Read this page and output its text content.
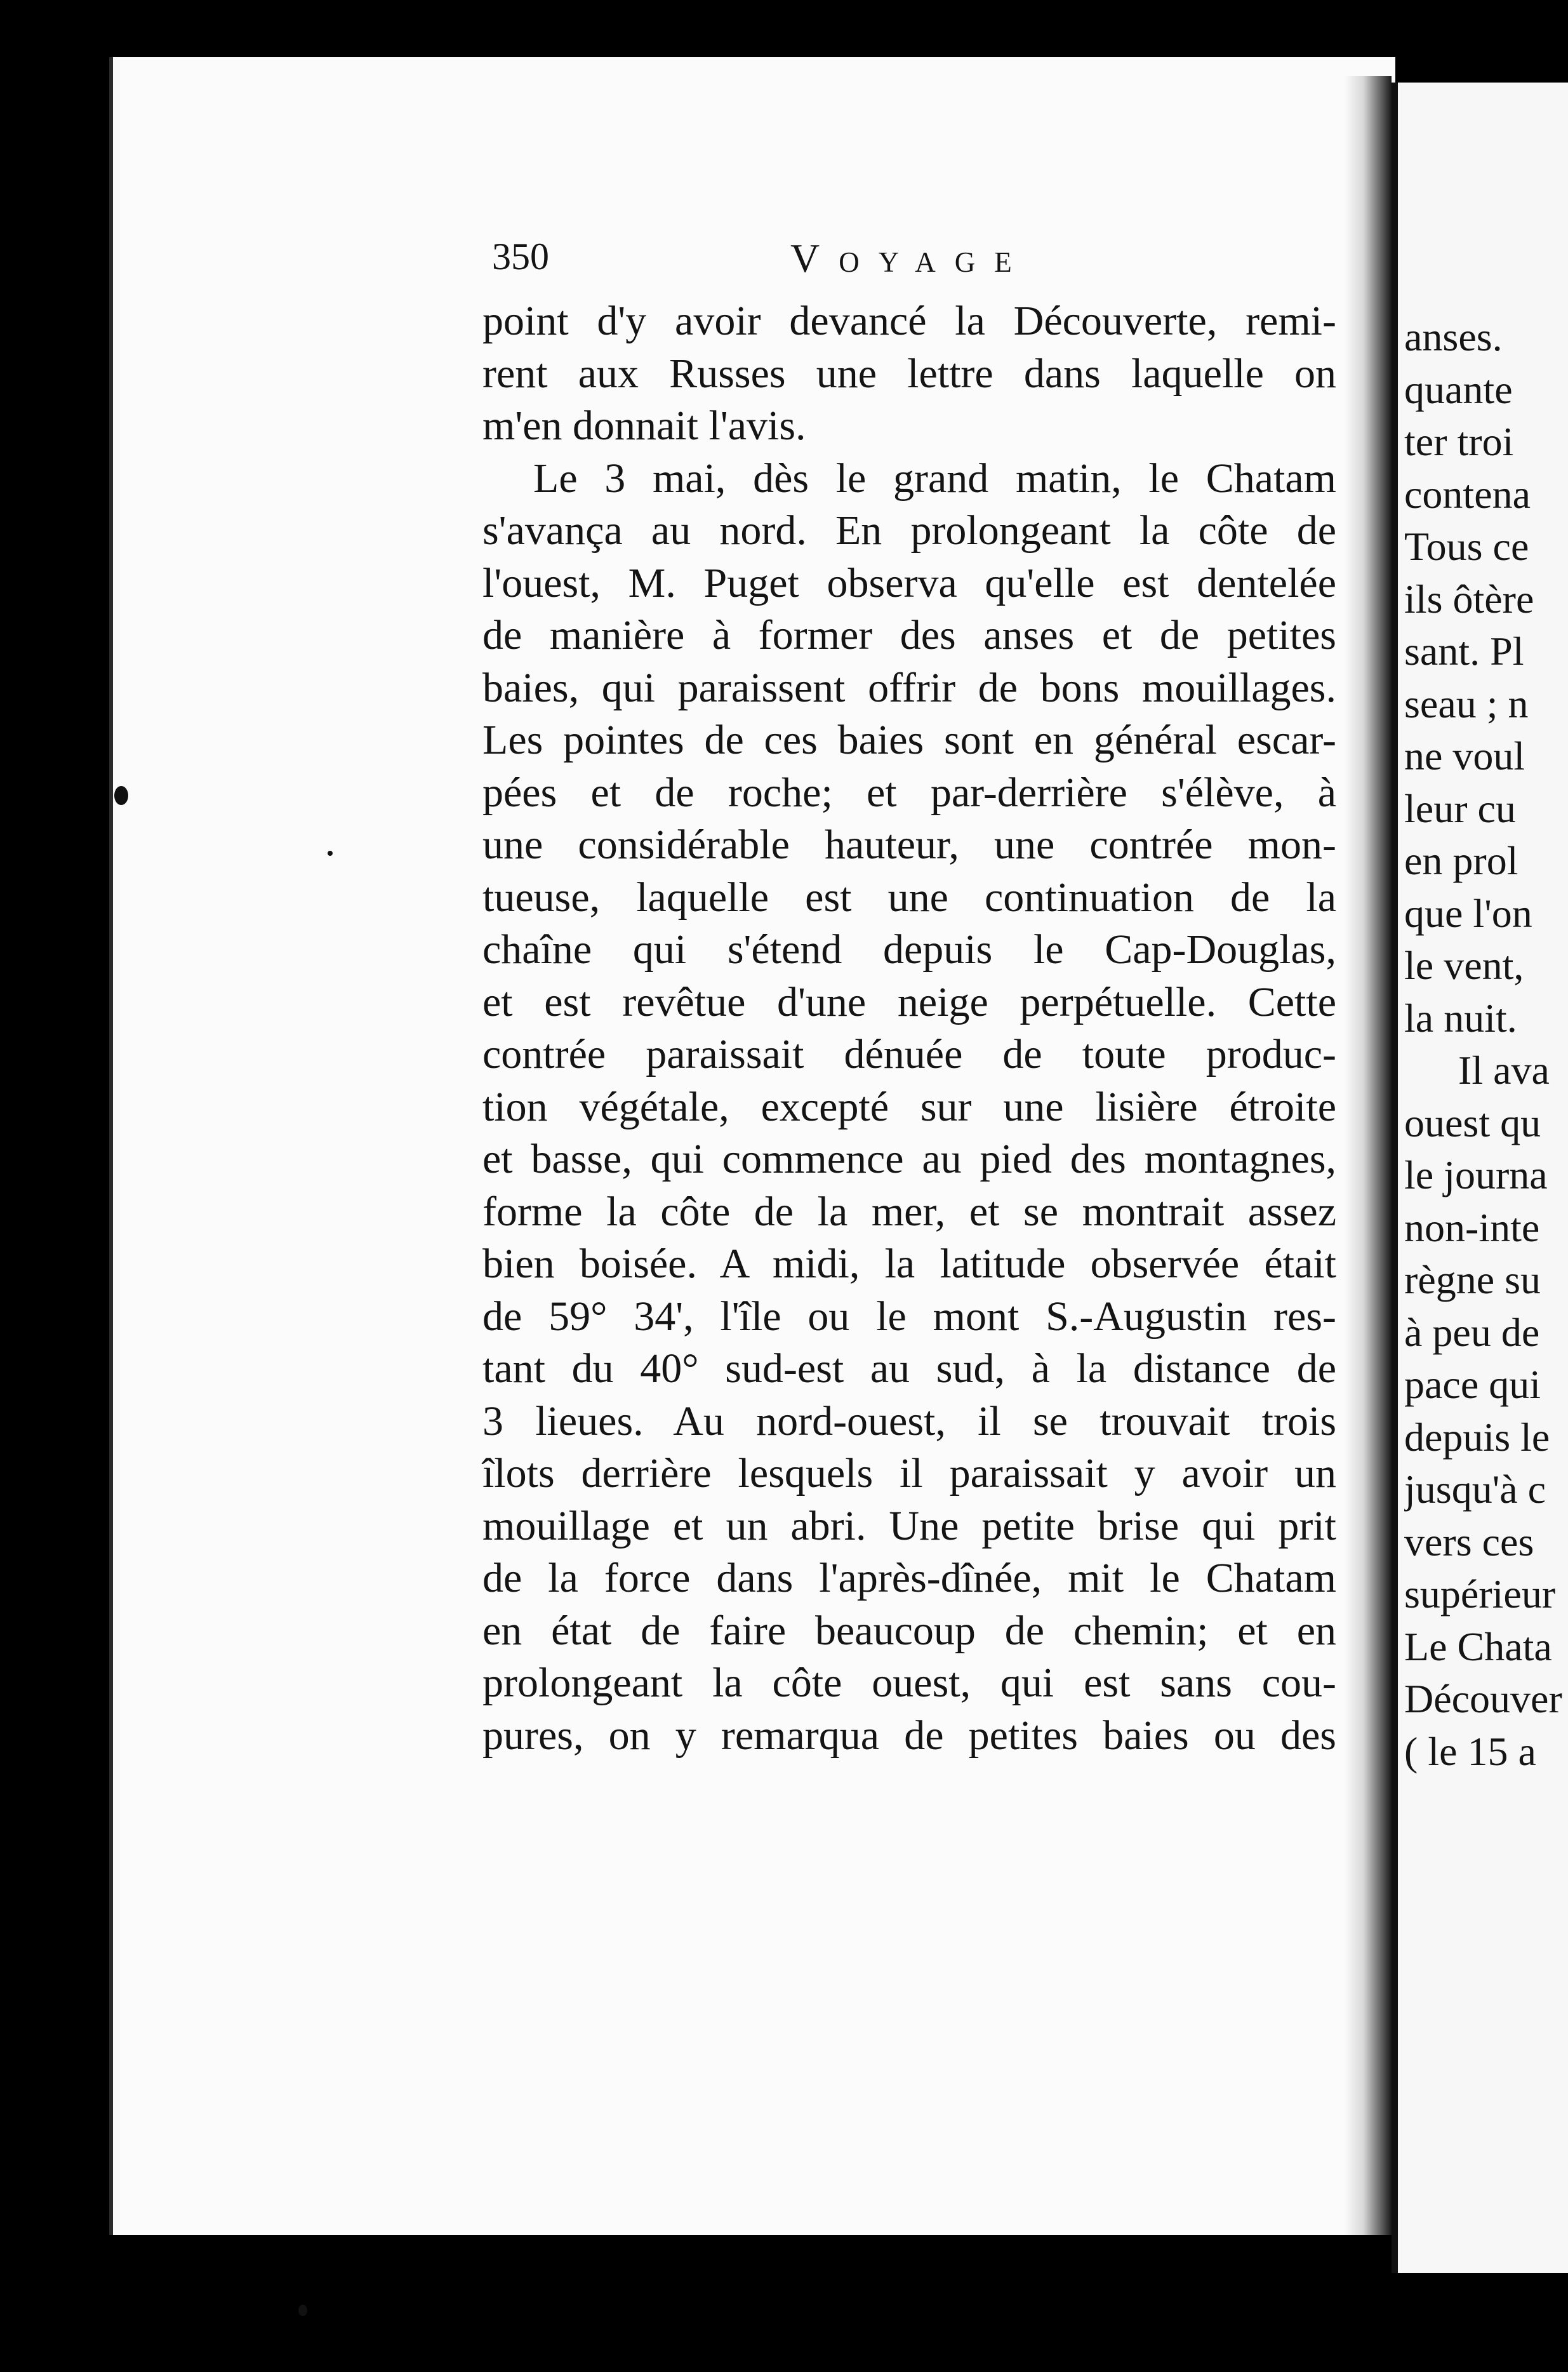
350	Voyage
point d'y avoir devancé la Découverte, remi-
rent aux Russes une lettre dans laquelle on
m'en donnait l'avis.
Le 3 mai, dès le grand matin, le Chatam
s'avança au nord. En prolongeant la côte de
l'ouest, M. Puget observa qu'elle est dentelée
de manière à former des anses et de petites
baies, qui paraissent offrir de bons mouillages.
Les pointes de ces baies sont en général escar-
pées et de roche; et par-derrière s'élève, à
une considérable hauteur, une contrée mon-
tueuse, laquelle est une continuation de la
chaîne qui s'étend depuis le Cap-Douglas,
et est revêtue d'une neige perpétuelle. Cette
contrée paraissait dénuée de toute produc-
tion végétale, excepté sur une lisière étroite
et basse, qui commence au pied des montagnes,
forme la côte de la mer, et se montrait assez
bien boisée. A midi, la latitude observée était
de 59° 34', l'île ou le mont S.-Augustin res-
tant du 40° sud-est au sud, à la distance de
3 lieues. Au nord-ouest, il se trouvait trois
îlots derrière lesquels il paraissait y avoir un
mouillage et un abri. Une petite brise qui prit
de la force dans l'après-dînée, mit le Chatam
en état de faire beaucoup de chemin; et en
prolongeant la côte ouest, qui est sans cou-
pures, on y remarqua de petites baies ou des
anses.
quante
ter troi
contena
Tous ce
ils ôtère
sant. Pl
seau ; n
ne voul
leur cu
en prol
que l'on
le vent,
la nuit.
Il ava
ouest qu
le journa
non-inte
règne su
à peu de
pace qui
depuis le
jusqu'à c
vers ces
supérieur
Le Chata
Découver
( le 15 a
